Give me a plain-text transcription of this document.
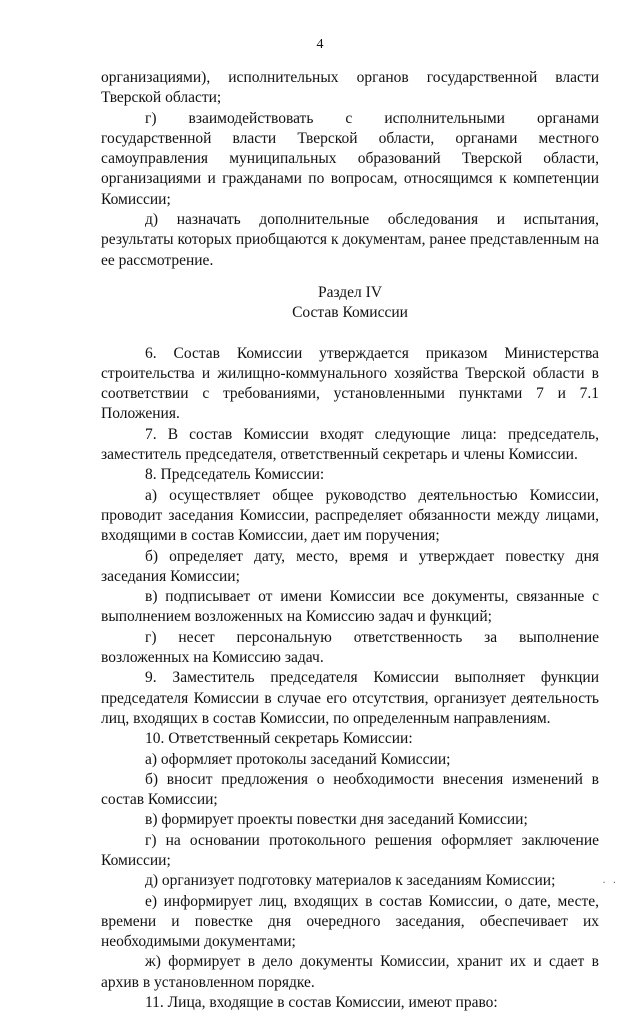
4

организациями), исполнительных органов государственной власти Тверской области;

г) взаимодействовать с исполнительными органами государственной власти Тверской области, органами местного самоуправления муниципальных образований Тверской области, организациями и гражданами по вопросам, относящимся к компетенции Комиссии;

д) назначать дополнительные обследования и испытания, результаты которых приобщаются к документам, ранее представленным на ее рассмотрение.

Раздел IV
Состав Комиссии

6. Состав Комиссии утверждается приказом Министерства строительства и жилищно-коммунального хозяйства Тверской области в соответствии с требованиями, установленными пунктами 7 и 7.1 Положения.

7. В состав Комиссии входят следующие лица: председатель, заместитель председателя, ответственный секретарь и члены Комиссии.

8. Председатель Комиссии:

а) осуществляет общее руководство деятельностью Комиссии, проводит заседания Комиссии, распределяет обязанности между лицами, входящими в состав Комиссии, дает им поручения;

б) определяет дату, место, время и утверждает повестку дня заседания Комиссии;

в) подписывает от имени Комиссии все документы, связанные с выполнением возложенных на Комиссию задач и функций;

г) несет персональную ответственность за выполнение возложенных на Комиссию задач.

9. Заместитель председателя Комиссии выполняет функции председателя Комиссии в случае его отсутствия, организует деятельность лиц, входящих в состав Комиссии, по определенным направлениям.

10. Ответственный секретарь Комиссии:

а) оформляет протоколы заседаний Комиссии;

б) вносит предложения о необходимости внесения изменений в состав Комиссии;

в) формирует проекты повестки дня заседаний Комиссии;

г) на основании протокольного решения оформляет заключение Комиссии;

д) организует подготовку материалов к заседаниям Комиссии;

е) информирует лиц, входящих в состав Комиссии, о дате, месте, времени и повестке дня очередного заседания, обеспечивает их необходимыми документами;

ж) формирует в дело документы Комиссии, хранит их и сдает в архив в установленном порядке.

11. Лица, входящие в состав Комиссии, имеют право:

. .
